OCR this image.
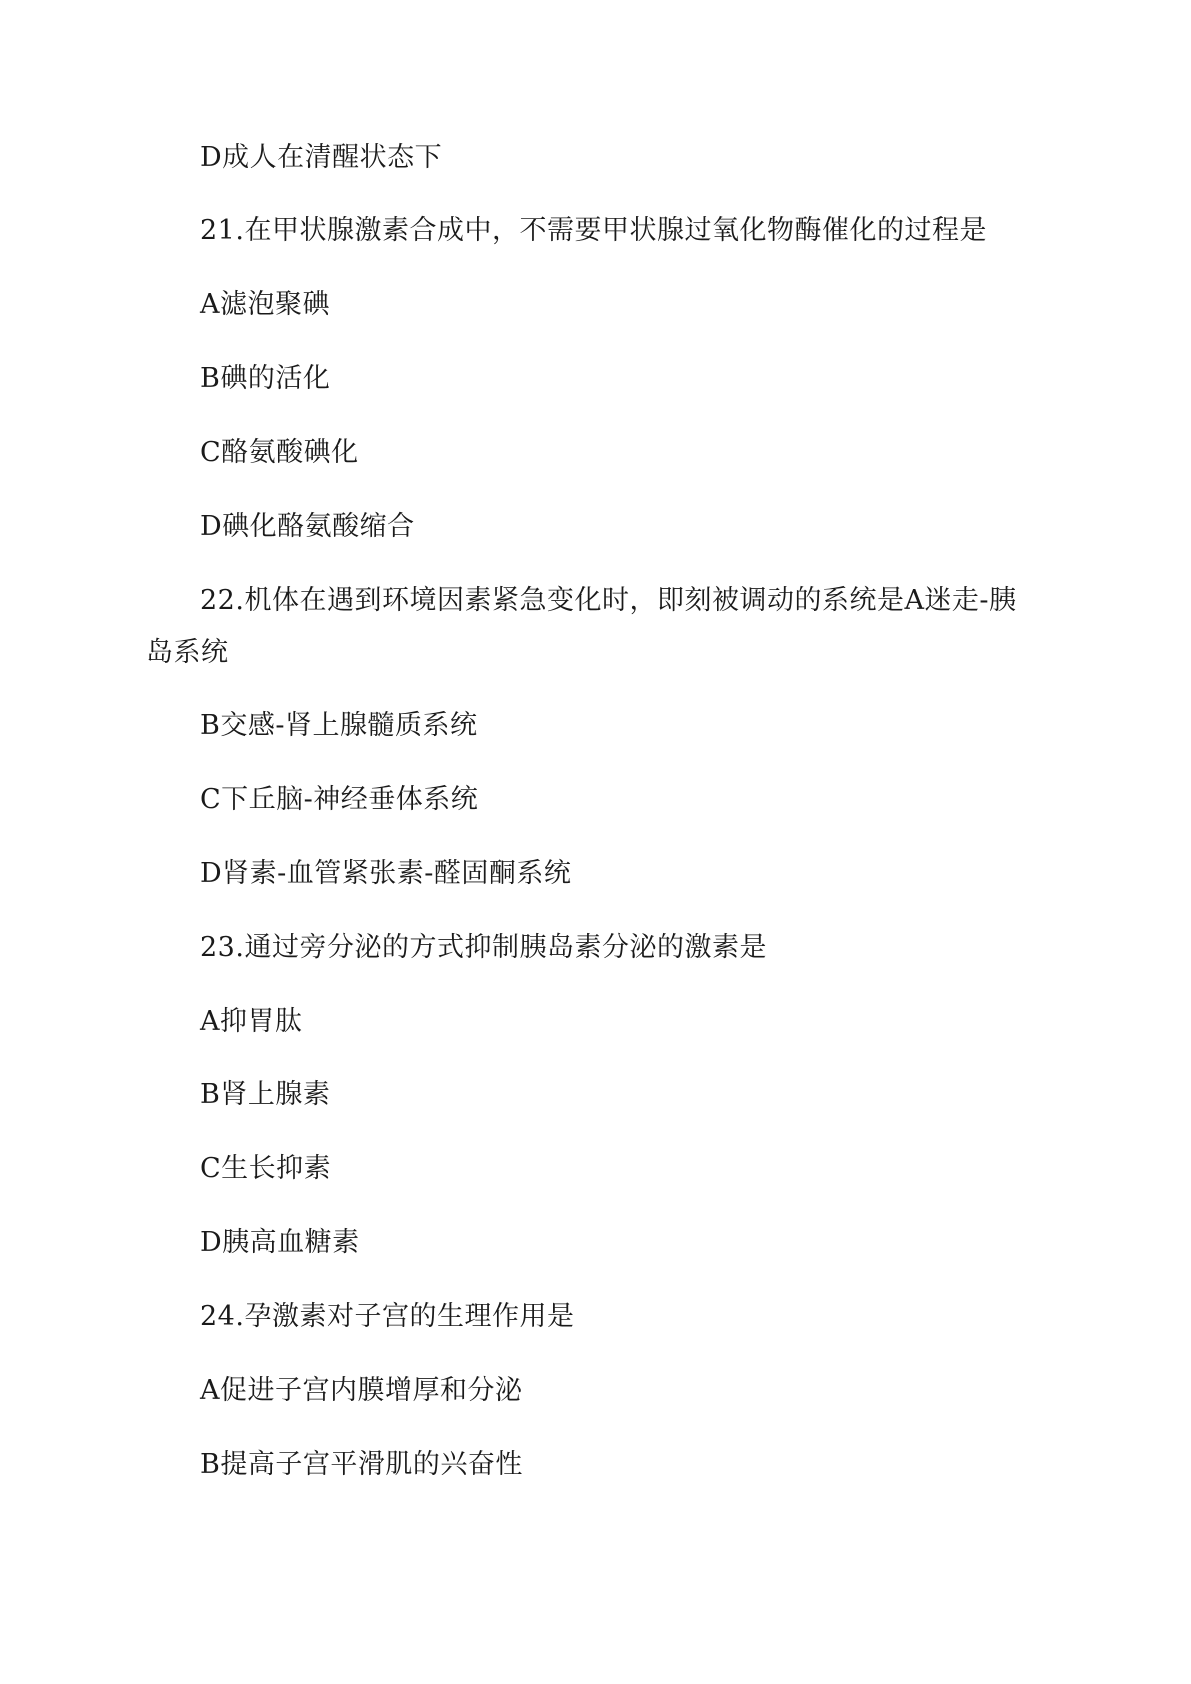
D成人在清醒状态下
21.在甲状腺激素合成中，不需要甲状腺过氧化物酶催化的过程是
A滤泡聚碘
B碘的活化
C酪氨酸碘化
D碘化酪氨酸缩合
22.机体在遇到环境因素紧急变化时，即刻被调动的系统是A迷走-胰
岛系统
B交感-肾上腺髓质系统
C下丘脑-神经垂体系统
D肾素-血管紧张素-醛固酮系统
23.通过旁分泌的方式抑制胰岛素分泌的激素是
A抑胃肽
B肾上腺素
C生长抑素
D胰高血糖素
24.孕激素对子宫的生理作用是
A促进子宫内膜增厚和分泌
B提高子宫平滑肌的兴奋性
